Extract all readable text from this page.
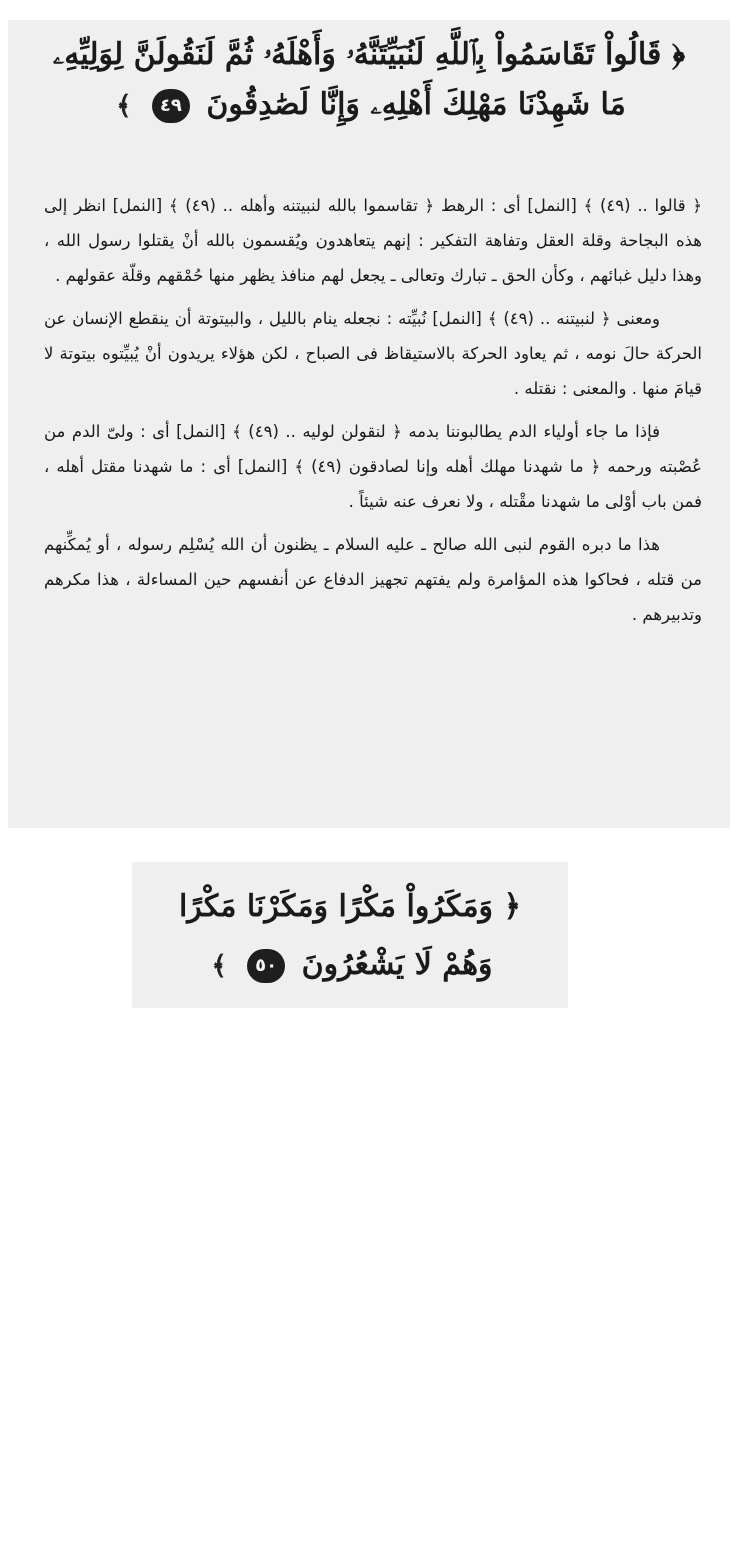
﴿ قَالُواْ تَقَاسَمُواْ بِٱللَّهِ لَنُبَيِّتَنَّهُۥ وَأَهْلَهُۥ ثُمَّ لَنَقُولَنَّ لِوَلِيِّهِۦ
مَا شَهِدْنَا مَهْلِكَ أَهْلِهِۦ وَإِنَّا لَصَٰدِقُونَ ٤٩ ﴾

﴿ قالوا .. (٤٩) ﴾ [النمل] أى : الرهط ﴿ تقاسموا بالله لنبيتنه وأهله .. (٤٩) ﴾ [النمل] انظر إلى هذه البجاحة وقلة العقل وتفاهة التفكير : إنهم يتعاهدون ويُقسمون بالله أنْ يقتلوا رسول الله ، وهذا دليل غبائهم ، وكأن الحق ـ تبارك وتعالى ـ يجعل لهم منافذ يظهر منها حُمْقهم وقلّة عقولهم .

ومعنى ﴿ لنبيتنه .. (٤٩) ﴾ [النمل] نُبيِّته : نجعله ينام بالليل ، والبيتوتة أن ينقطع الإنسان عن الحركة حالَ نومه ، ثم يعاود الحركة بالاستيقاظ فى الصباح ، لكن هؤلاء يريدون أنْ يُبيِّتوه بيتوتة لا قيامَ منها . والمعنى : نقتله .

فإذا ما جاء أولياء الدم يطالبوننا بدمه ﴿ لنقولن لوليه .. (٤٩) ﴾ [النمل] أى : ولىّ الدم من عُصْبته ورحمه ﴿ ما شهدنا مهلك أهله وإنا لصادقون (٤٩) ﴾ [النمل] أى : ما شهدنا مقتل أهله ، فمن باب أوْلى ما شهدنا مقْتله ، ولا نعرف عنه شيئاً .

هذا ما دبره القوم لنبى الله صالح ـ عليه السلام ـ يظنون أن الله يُسْلِم رسوله ، أو يُمكِّنهم من قتله ، فحاكوا هذه المؤامرة ولم يفتهم تجهيز الدفاع عن أنفسهم حين المساءلة ، هذا مكرهم وتدبيرهم .

﴿ وَمَكَرُواْ مَكْرًا وَمَكَرْنَا مَكْرًا
وَهُمْ لَا يَشْعُرُونَ ٥٠ ﴾
